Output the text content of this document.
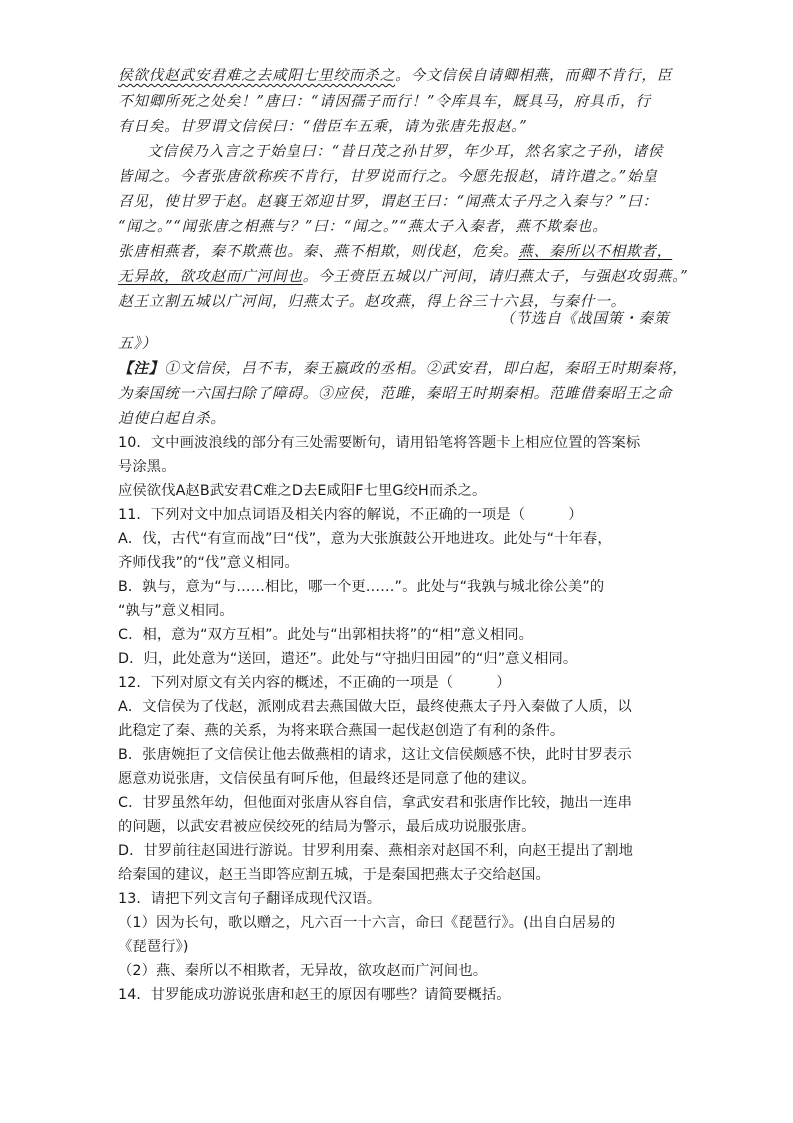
侯欲伐赵武安君难之去咸阳七里绞而杀之。今文信侯自请卿相燕，而卿不肯行，臣
不知卿所死之处矣！”唐曰：“请因孺子而行！”令库具车，厩具马，府具币，行
有日矣。甘罗谓文信侯曰：“借臣车五乘，请为张唐先报赵。”
文信侯乃入言之于始皇曰：“昔日茂之孙甘罗，年少耳，然名家之子孙，诸侯
皆闻之。今者张唐欲称疾不肯行，甘罗说而行之。今愿先报赵，请许遣之。”始皇
召见，使甘罗于赵。赵襄王郊迎甘罗，谓赵王曰：“闻燕太子丹之入秦与？”曰：
“闻之。”“闻张唐之相燕与？”曰：“闻之。”“燕太子入秦者，燕不欺秦也。
张唐相燕者，秦不欺燕也。秦、燕不相欺，则伐赵，危矣。燕、秦所以不相欺者，
无异故，欲攻赵而广河间也。今王赍臣五城以广河间，请归燕太子，与强赵攻弱燕。”
赵王立割五城以广河间，归燕太子。赵攻燕，得上谷三十六县，与秦什一。
（节选自《战国策・秦策
五》）
【注】①文信侯，吕不韦，秦王嬴政的丞相。②武安君，即白起，秦昭王时期秦将，
为秦国统一六国扫除了障碍。③应侯，范雎，秦昭王时期秦相。范雎借秦昭王之命
迫使白起自杀。
10．文中画波浪线的部分有三处需要断句，请用铅笔将答题卡上相应位置的答案标
号涂黑。
应侯欲伐A赵B武安君C难之D去E咸阳F七里G绞H而杀之。
11．下列对文中加点词语及相关内容的解说，不正确的一项是（　　　）
A．伐，古代“有宣而战”曰“伐”，意为大张旗鼓公开地进攻。此处与“十年春，
齐师伐我”的“伐”意义相同。
B．孰与，意为“与……相比，哪一个更……”。此处与“我孰与城北徐公美”的
“孰与”意义相同。
C．相，意为“双方互相”。此处与“出郭相扶将”的“相”意义相同。
D．归，此处意为“送回，遣还”。此处与“守拙归田园”的“归”意义相同。
12．下列对原文有关内容的概述，不正确的一项是（　　　）
A．文信侯为了伐赵，派刚成君去燕国做大臣，最终使燕太子丹入秦做了人质，以
此稳定了秦、燕的关系，为将来联合燕国一起伐赵创造了有利的条件。
B．张唐婉拒了文信侯让他去做燕相的请求，这让文信侯颇感不快，此时甘罗表示
愿意劝说张唐，文信侯虽有呵斥他，但最终还是同意了他的建议。
C．甘罗虽然年幼，但他面对张唐从容自信，拿武安君和张唐作比较，抛出一连串
的问题，以武安君被应侯绞死的结局为警示，最后成功说服张唐。
D．甘罗前往赵国进行游说。甘罗利用秦、燕相亲对赵国不利，向赵王提出了割地
给秦国的建议，赵王当即答应割五城，于是秦国把燕太子交给赵国。
13．请把下列文言句子翻译成现代汉语。
（1）因为长句，歌以赠之，凡六百一十六言，命曰《琵琶行》。(出自白居易的
《琵琶行》)
（2）燕、秦所以不相欺者，无异故，欲攻赵而广河间也。
14．甘罗能成功游说张唐和赵王的原因有哪些？请简要概括。
